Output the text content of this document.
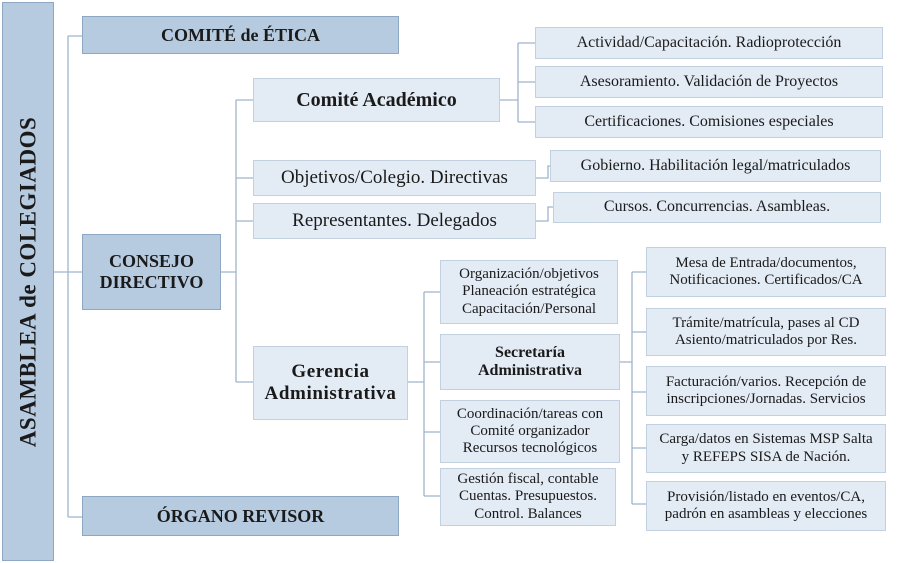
ASAMBLEA de COLEGIADOS
COMITÉ de ÉTICA
CONSEJO
DIRECTIVO
ÓRGANO REVISOR
Comité Académico
Actividad/Capacitación. Radioprotección
Asesoramiento. Validación de Proyectos
Certificaciones. Comisiones especiales
Objetivos/Colegio. Directivas
Gobierno. Habilitación legal/matriculados
Representantes. Delegados
Cursos. Concurrencias. Asambleas.
Gerencia
Administrativa
Organización/objetivos
Planeación estratégica
Capacitación/Personal
Secretaría
Administrativa
Coordinación/tareas con
Comité organizador
Recursos tecnológicos
Gestión fiscal, contable
Cuentas. Presupuestos.
Control. Balances
Mesa de Entrada/documentos,
Notificaciones. Certificados/CA
Trámite/matrícula, pases al CD
Asiento/matriculados por Res.
Facturación/varios. Recepción de
inscripciones/Jornadas. Servicios
Carga/datos en Sistemas MSP Salta
y REFEPS SISA de Nación.
Provisión/listado en eventos/CA,
padrón en asambleas y elecciones
